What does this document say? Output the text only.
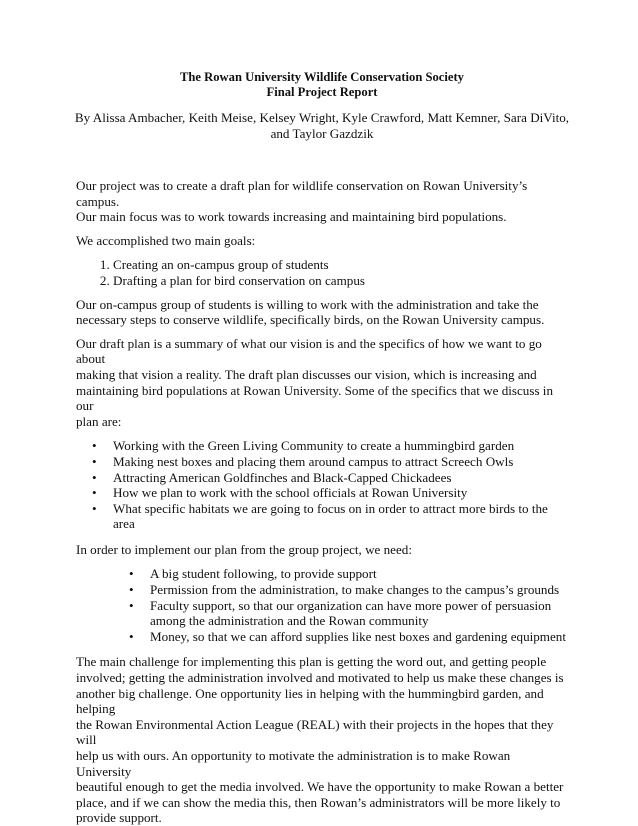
The Rowan University Wildlife Conservation Society
Final Project Report

By Alissa Ambacher, Keith Meise, Kelsey Wright, Kyle Crawford, Matt Kemner, Sara DiVito,
and Taylor Gazdzik

Our project was to create a draft plan for wildlife conservation on Rowan University’s campus.
Our main focus was to work towards increasing and maintaining bird populations.

We accomplished two main goals:

1. Creating an on-campus group of students
2. Drafting a plan for bird conservation on campus

Our on-campus group of students is willing to work with the administration and take the
necessary steps to conserve wildlife, specifically birds, on the Rowan University campus.

Our draft plan is a summary of what our vision is and the specifics of how we want to go about
making that vision a reality. The draft plan discusses our vision, which is increasing and
maintaining bird populations at Rowan University. Some of the specifics that we discuss in our
plan are:

• Working with the Green Living Community to create a hummingbird garden
• Making nest boxes and placing them around campus to attract Screech Owls
• Attracting American Goldfinches and Black-Capped Chickadees
• How we plan to work with the school officials at Rowan University
• What specific habitats we are going to focus on in order to attract more birds to the area

In order to implement our plan from the group project, we need:

• A big student following, to provide support
• Permission from the administration, to make changes to the campus’s grounds
• Faculty support, so that our organization can have more power of persuasion
among the administration and the Rowan community
• Money, so that we can afford supplies like nest boxes and gardening equipment

The main challenge for implementing this plan is getting the word out, and getting people
involved; getting the administration involved and motivated to help us make these changes is
another big challenge. One opportunity lies in helping with the hummingbird garden, and helping
the Rowan Environmental Action League (REAL) with their projects in the hopes that they will
help us with ours. An opportunity to motivate the administration is to make Rowan University
beautiful enough to get the media involved. We have the opportunity to make Rowan a better
place, and if we can show the media this, then Rowan’s administrators will be more likely to
provide support.
